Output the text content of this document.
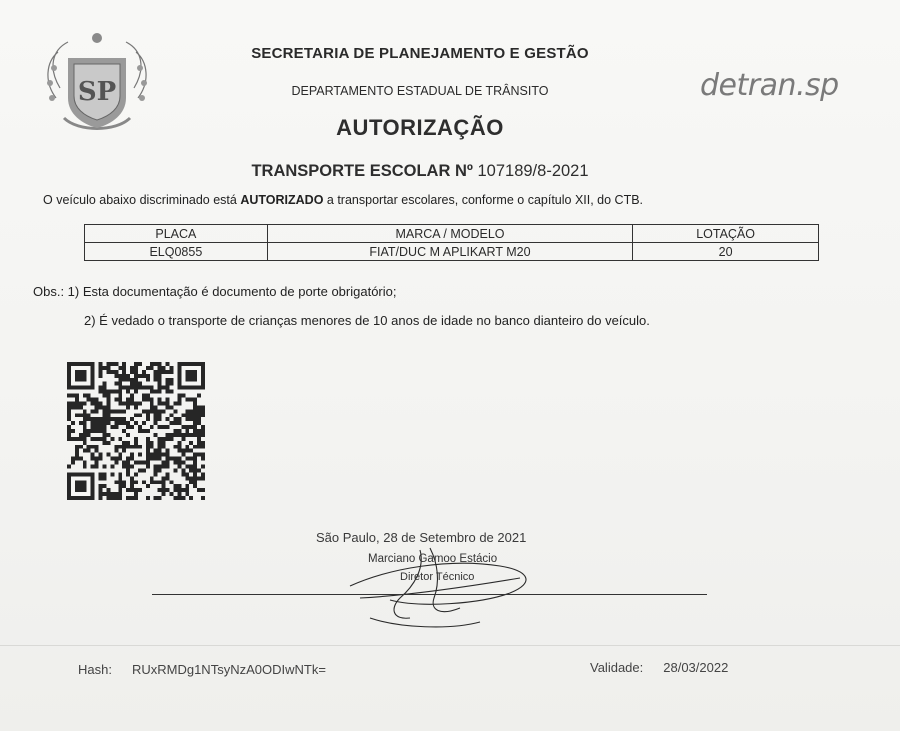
SP
SECRETARIA DE PLANEJAMENTO E GESTÃO
DEPARTAMENTO ESTADUAL DE TRÂNSITO	detran.sp
AUTORIZAÇÃO
TRANSPORTE ESCOLAR Nº 107189/8-2021
O veículo abaixo discriminado está AUTORIZADO a transportar escolares, conforme o capítulo XII, do CTB.
PLACA	MARCA / MODELO	LOTAÇÃO
ELQ0855	FIAT/DUC M APLIKART M20	20
Obs.: 1) Esta documentação é documento de porte obrigatório;
2) É vedado o transporte de crianças menores de 10 anos de idade no banco dianteiro do veículo.
São Paulo, 28 de Setembro de 2021
Marciano Gamoo Estácio
Diretor Técnico
Hash: RUxRMDg1NTsyNzA0ODIwNTk=	Validade: 28/03/2022
